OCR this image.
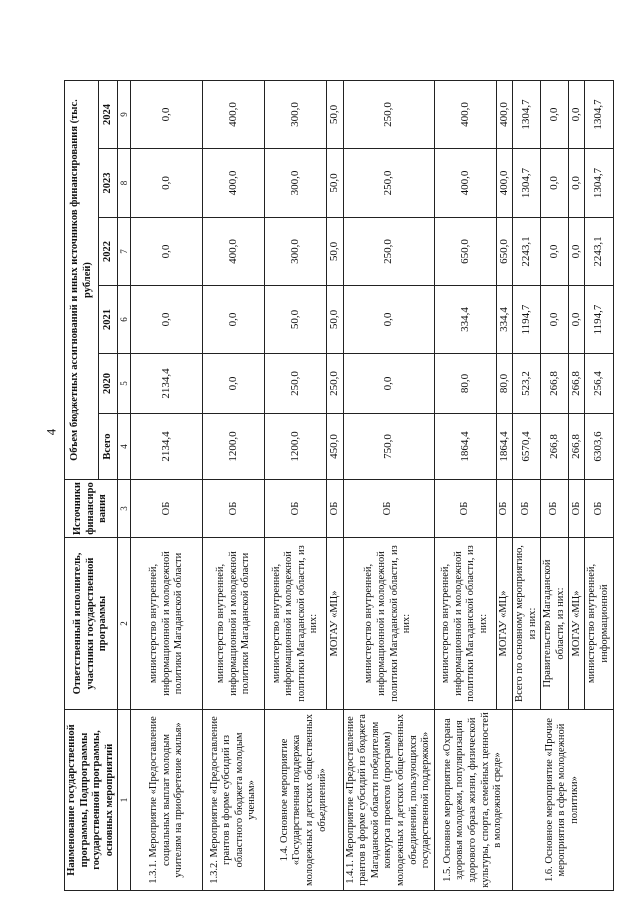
4
Наименование государственной программы, Подпрограммы государственной программы, основных мероприятий	Ответственный исполнитель, участники государственной программы	Источники финансиро вания	Объем бюджетных ассигнований и иных источников финансирования (тыс. рублей)					
			Всего	2020	2021	2022	2023	2024
1	2	3	4	5	6	7	8	9
1.3.1. Мероприятие «Предоставление социальных выплат молодым учителям на приобретение жилья»	министерство внутренней, информационной и молодежной политики Магаданской области	ОБ	2134,4	2134,4	0,0	0,0	0,0	0,0
1.3.2. Мероприятие «Предоставление грантов в форме субсидий из областного бюджета молодым ученым»	министерство внутренней, информационной и молодежной политики Магаданской области	ОБ	1200,0	0,0	0,0	400,0	400,0	400,0
1.4. Основное мероприятие «Государственная поддержка молодежных и детских общественных объединений»	министерство внутренней, информационной и молодежной политики Магаданской области, из них:	ОБ	1200,0	250,0	50,0	300,0	300,0	300,0
	МОГАУ «МЦ»	ОБ	450,0	250,0	50,0	50,0	50,0	50,0
1.4.1. Мероприятие «Предоставление грантов в форме субсидий из бюджета Магаданской области победителям конкурса проектов (программ) молодежных и детских общественных объединений, пользующихся государственной поддержкой»	министерство внутренней, информационной и молодежной политики Магаданской области, из них:	ОБ	750,0	0,0	0,0	250,0	250,0	250,0
1.5. Основное мероприятие «Охрана здоровья молодежи, популяризация здорового образа жизни, физической культуры, спорта, семейных ценностей в молодежной среде»	министерство внутренней, информационной и молодежной политики Магаданской области, из них:	ОБ	1864,4	80,0	334,4	650,0	400,0	400,0
	МОГАУ «МЦ»	ОБ	1864,4	80,0	334,4	650,0	400,0	400,0
1.6. Основное мероприятие «Прочие мероприятия в сфере молодежной политики»	Всего по основному мероприятию, из них:	ОБ	6570,4	523,2	1194,7	2243,1	1304,7	1304,7
	Правительство Магаданской области, из них:	ОБ	266,8	266,8	0,0	0,0	0,0	0,0
	МОГАУ «МЦ»	ОБ	266,8	266,8	0,0	0,0	0,0	0,0
	министерство внутренней, информационной	ОБ	6303,6	256,4	1194,7	2243,1	1304,7	1304,7
